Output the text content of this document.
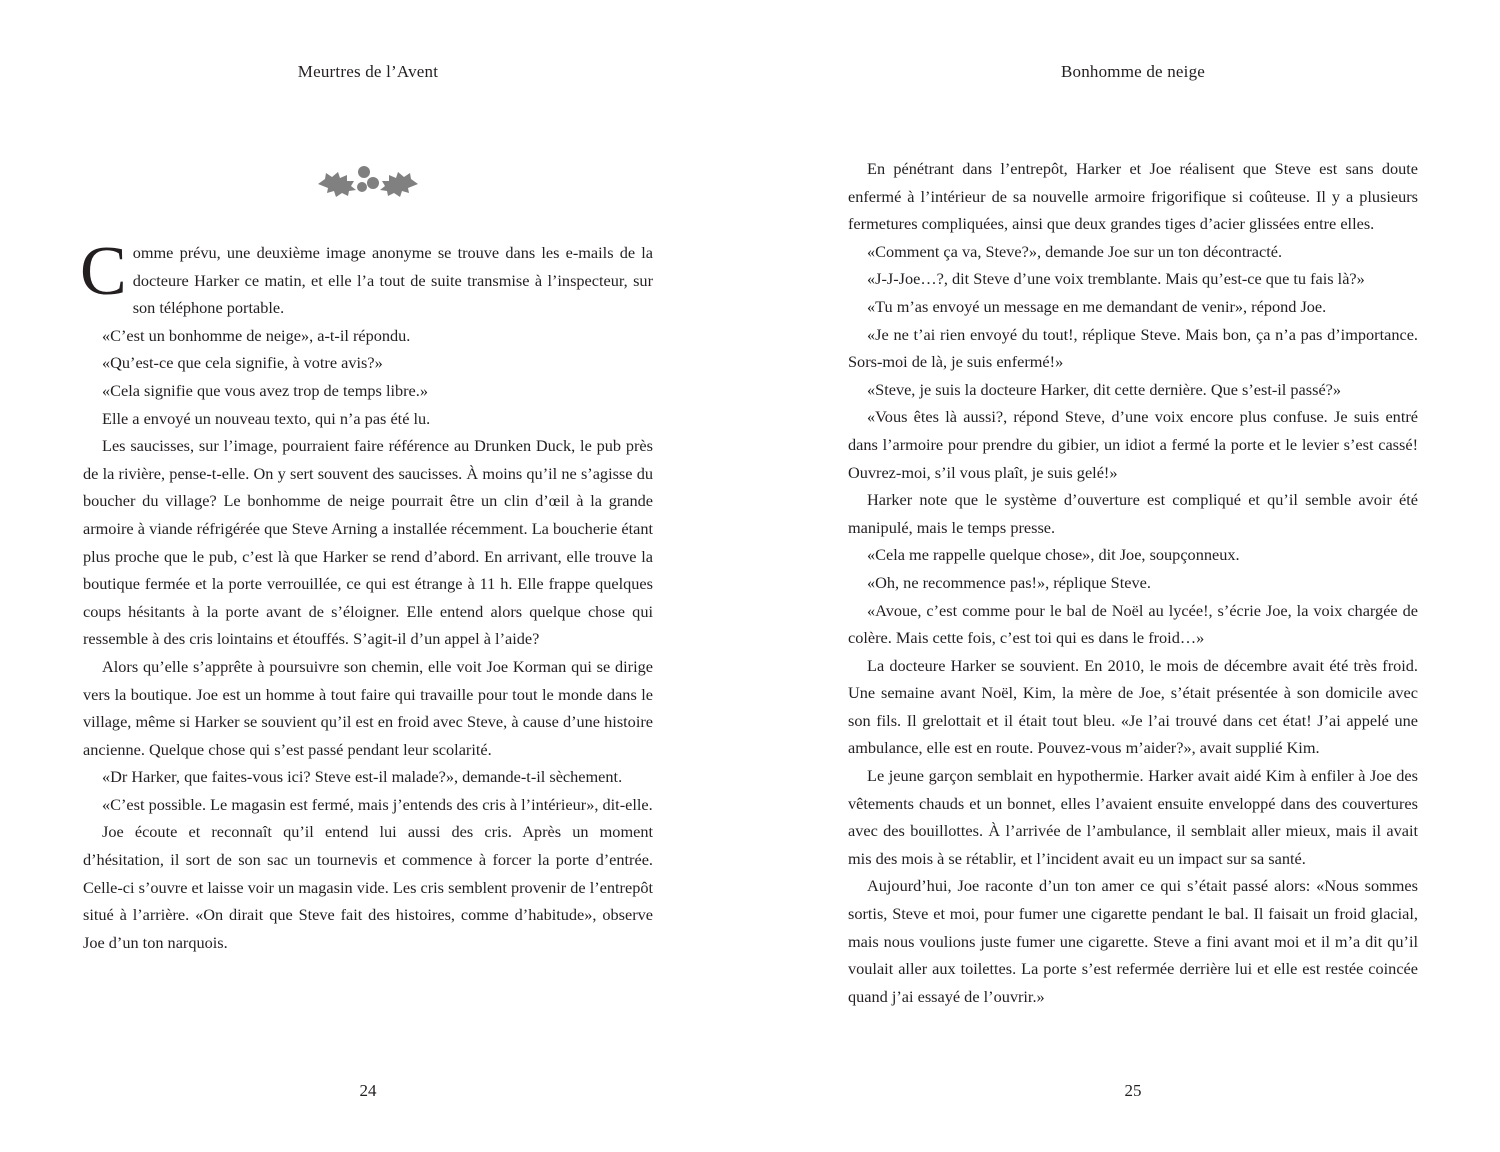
Meurtres de l’Avent

Comme prévu, une deuxième image anonyme se trouve dans les e-mails de la docteure Harker ce matin, et elle l’a tout de suite transmise à l’inspecteur, sur son téléphone portable.

«C’est un bonhomme de neige», a-t-il répondu.

«Qu’est-ce que cela signifie, à votre avis?»

«Cela signifie que vous avez trop de temps libre.»

Elle a envoyé un nouveau texto, qui n’a pas été lu.

Les saucisses, sur l’image, pourraient faire référence au Drunken Duck, le pub près de la rivière, pense-t-elle. On y sert souvent des saucisses. À moins qu’il ne s’agisse du boucher du village? Le bonhomme de neige pourrait être un clin d’œil à la grande armoire à viande réfrigérée que Steve Arning a installée récemment. La boucherie étant plus proche que le pub, c’est là que Harker se rend d’abord. En arrivant, elle trouve la boutique fermée et la porte verrouillée, ce qui est étrange à 11 h. Elle frappe quelques coups hésitants à la porte avant de s’éloigner. Elle entend alors quelque chose qui ressemble à des cris lointains et étouffés. S’agit-il d’un appel à l’aide?

Alors qu’elle s’apprête à poursuivre son chemin, elle voit Joe Korman qui se dirige vers la boutique. Joe est un homme à tout faire qui travaille pour tout le monde dans le village, même si Harker se souvient qu’il est en froid avec Steve, à cause d’une histoire ancienne. Quelque chose qui s’est passé pendant leur scolarité.

«Dr Harker, que faites-vous ici? Steve est-il malade?», demande-t-il sèchement.

«C’est possible. Le magasin est fermé, mais j’entends des cris à l’intérieur», dit-elle.

Joe écoute et reconnaît qu’il entend lui aussi des cris. Après un moment d’hésitation, il sort de son sac un tournevis et commence à forcer la porte d’entrée. Celle-ci s’ouvre et laisse voir un magasin vide. Les cris semblent provenir de l’entrepôt situé à l’arrière. «On dirait que Steve fait des histoires, comme d’habitude», observe Joe d’un ton narquois.

24
Bonhomme de neige

En pénétrant dans l’entrepôt, Harker et Joe réalisent que Steve est sans doute enfermé à l’intérieur de sa nouvelle armoire frigorifique si coûteuse. Il y a plusieurs fermetures compliquées, ainsi que deux grandes tiges d’acier glissées entre elles.

«Comment ça va, Steve?», demande Joe sur un ton décontracté.

«J-J-Joe…?, dit Steve d’une voix tremblante. Mais qu’est-ce que tu fais là?»

«Tu m’as envoyé un message en me demandant de venir», répond Joe.

«Je ne t’ai rien envoyé du tout!, réplique Steve. Mais bon, ça n’a pas d’importance. Sors-moi de là, je suis enfermé!»

«Steve, je suis la docteure Harker, dit cette dernière. Que s’est-il passé?»

«Vous êtes là aussi?, répond Steve, d’une voix encore plus confuse. Je suis entré dans l’armoire pour prendre du gibier, un idiot a fermé la porte et le levier s’est cassé! Ouvrez-moi, s’il vous plaît, je suis gelé!»

Harker note que le système d’ouverture est compliqué et qu’il semble avoir été manipulé, mais le temps presse.

«Cela me rappelle quelque chose», dit Joe, soupçonneux.

«Oh, ne recommence pas!», réplique Steve.

«Avoue, c’est comme pour le bal de Noël au lycée!, s’écrie Joe, la voix chargée de colère. Mais cette fois, c’est toi qui es dans le froid…»

La docteure Harker se souvient. En 2010, le mois de décembre avait été très froid. Une semaine avant Noël, Kim, la mère de Joe, s’était présentée à son domicile avec son fils. Il grelottait et il était tout bleu. «Je l’ai trouvé dans cet état! J’ai appelé une ambulance, elle est en route. Pouvez-vous m’aider?», avait supplié Kim.

Le jeune garçon semblait en hypothermie. Harker avait aidé Kim à enfiler à Joe des vêtements chauds et un bonnet, elles l’avaient ensuite enveloppé dans des couvertures avec des bouillottes. À l’arrivée de l’ambulance, il semblait aller mieux, mais il avait mis des mois à se rétablir, et l’incident avait eu un impact sur sa santé.

Aujourd’hui, Joe raconte d’un ton amer ce qui s’était passé alors: «Nous sommes sortis, Steve et moi, pour fumer une cigarette pendant le bal. Il faisait un froid glacial, mais nous voulions juste fumer une cigarette. Steve a fini avant moi et il m’a dit qu’il voulait aller aux toilettes. La porte s’est refermée derrière lui et elle est restée coincée quand j’ai essayé de l’ouvrir.»

25
